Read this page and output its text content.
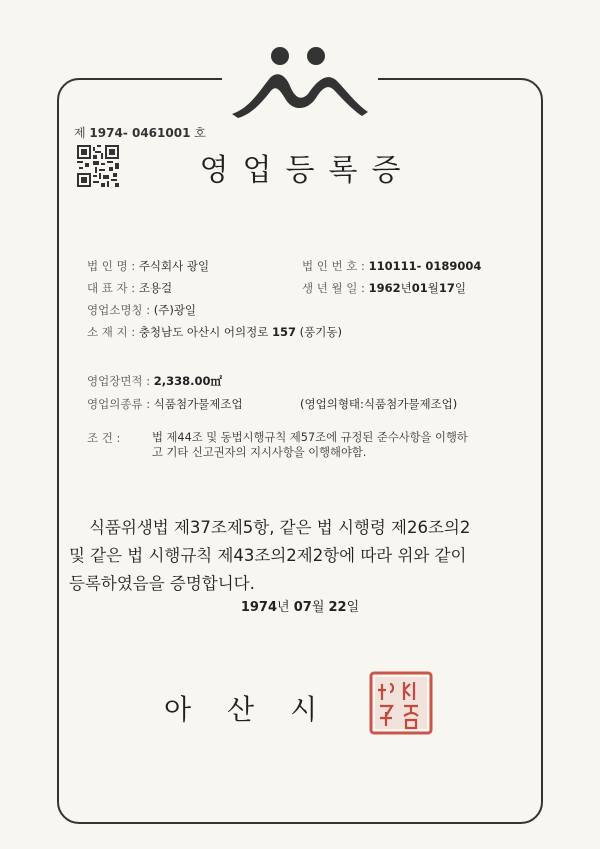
제 1974- 0461001 호
영업등록증
법 인 명 : 주식회사 광일	법 인 번 호 : 110111- 0189004
대 표 자 : 조용걸	생 년 월 일 : 1962년01월17일
영업소명칭 : (주)광일
소 재 지 : 충청남도 아산시 어의정로 157 (풍기동)
영업장면적 : 2,338.00㎡
영업의종류 : 식품첨가물제조업	(영업의형태:식품첨가물제조업)
조 건 :	법 제44조 및 동법시행규칙 제57조에 규정된 준수사항을 이행하
고 기타 신고권자의 지시사항을 이행해야함.

식품위생법 제37조제5항, 같은 법 시행령 제26조의2

및 같은 법 시행규칙 제43조의2제2항에 따라 위와 같이

등록하였음을 증명합니다.

1974년 07월 22일
아산시
